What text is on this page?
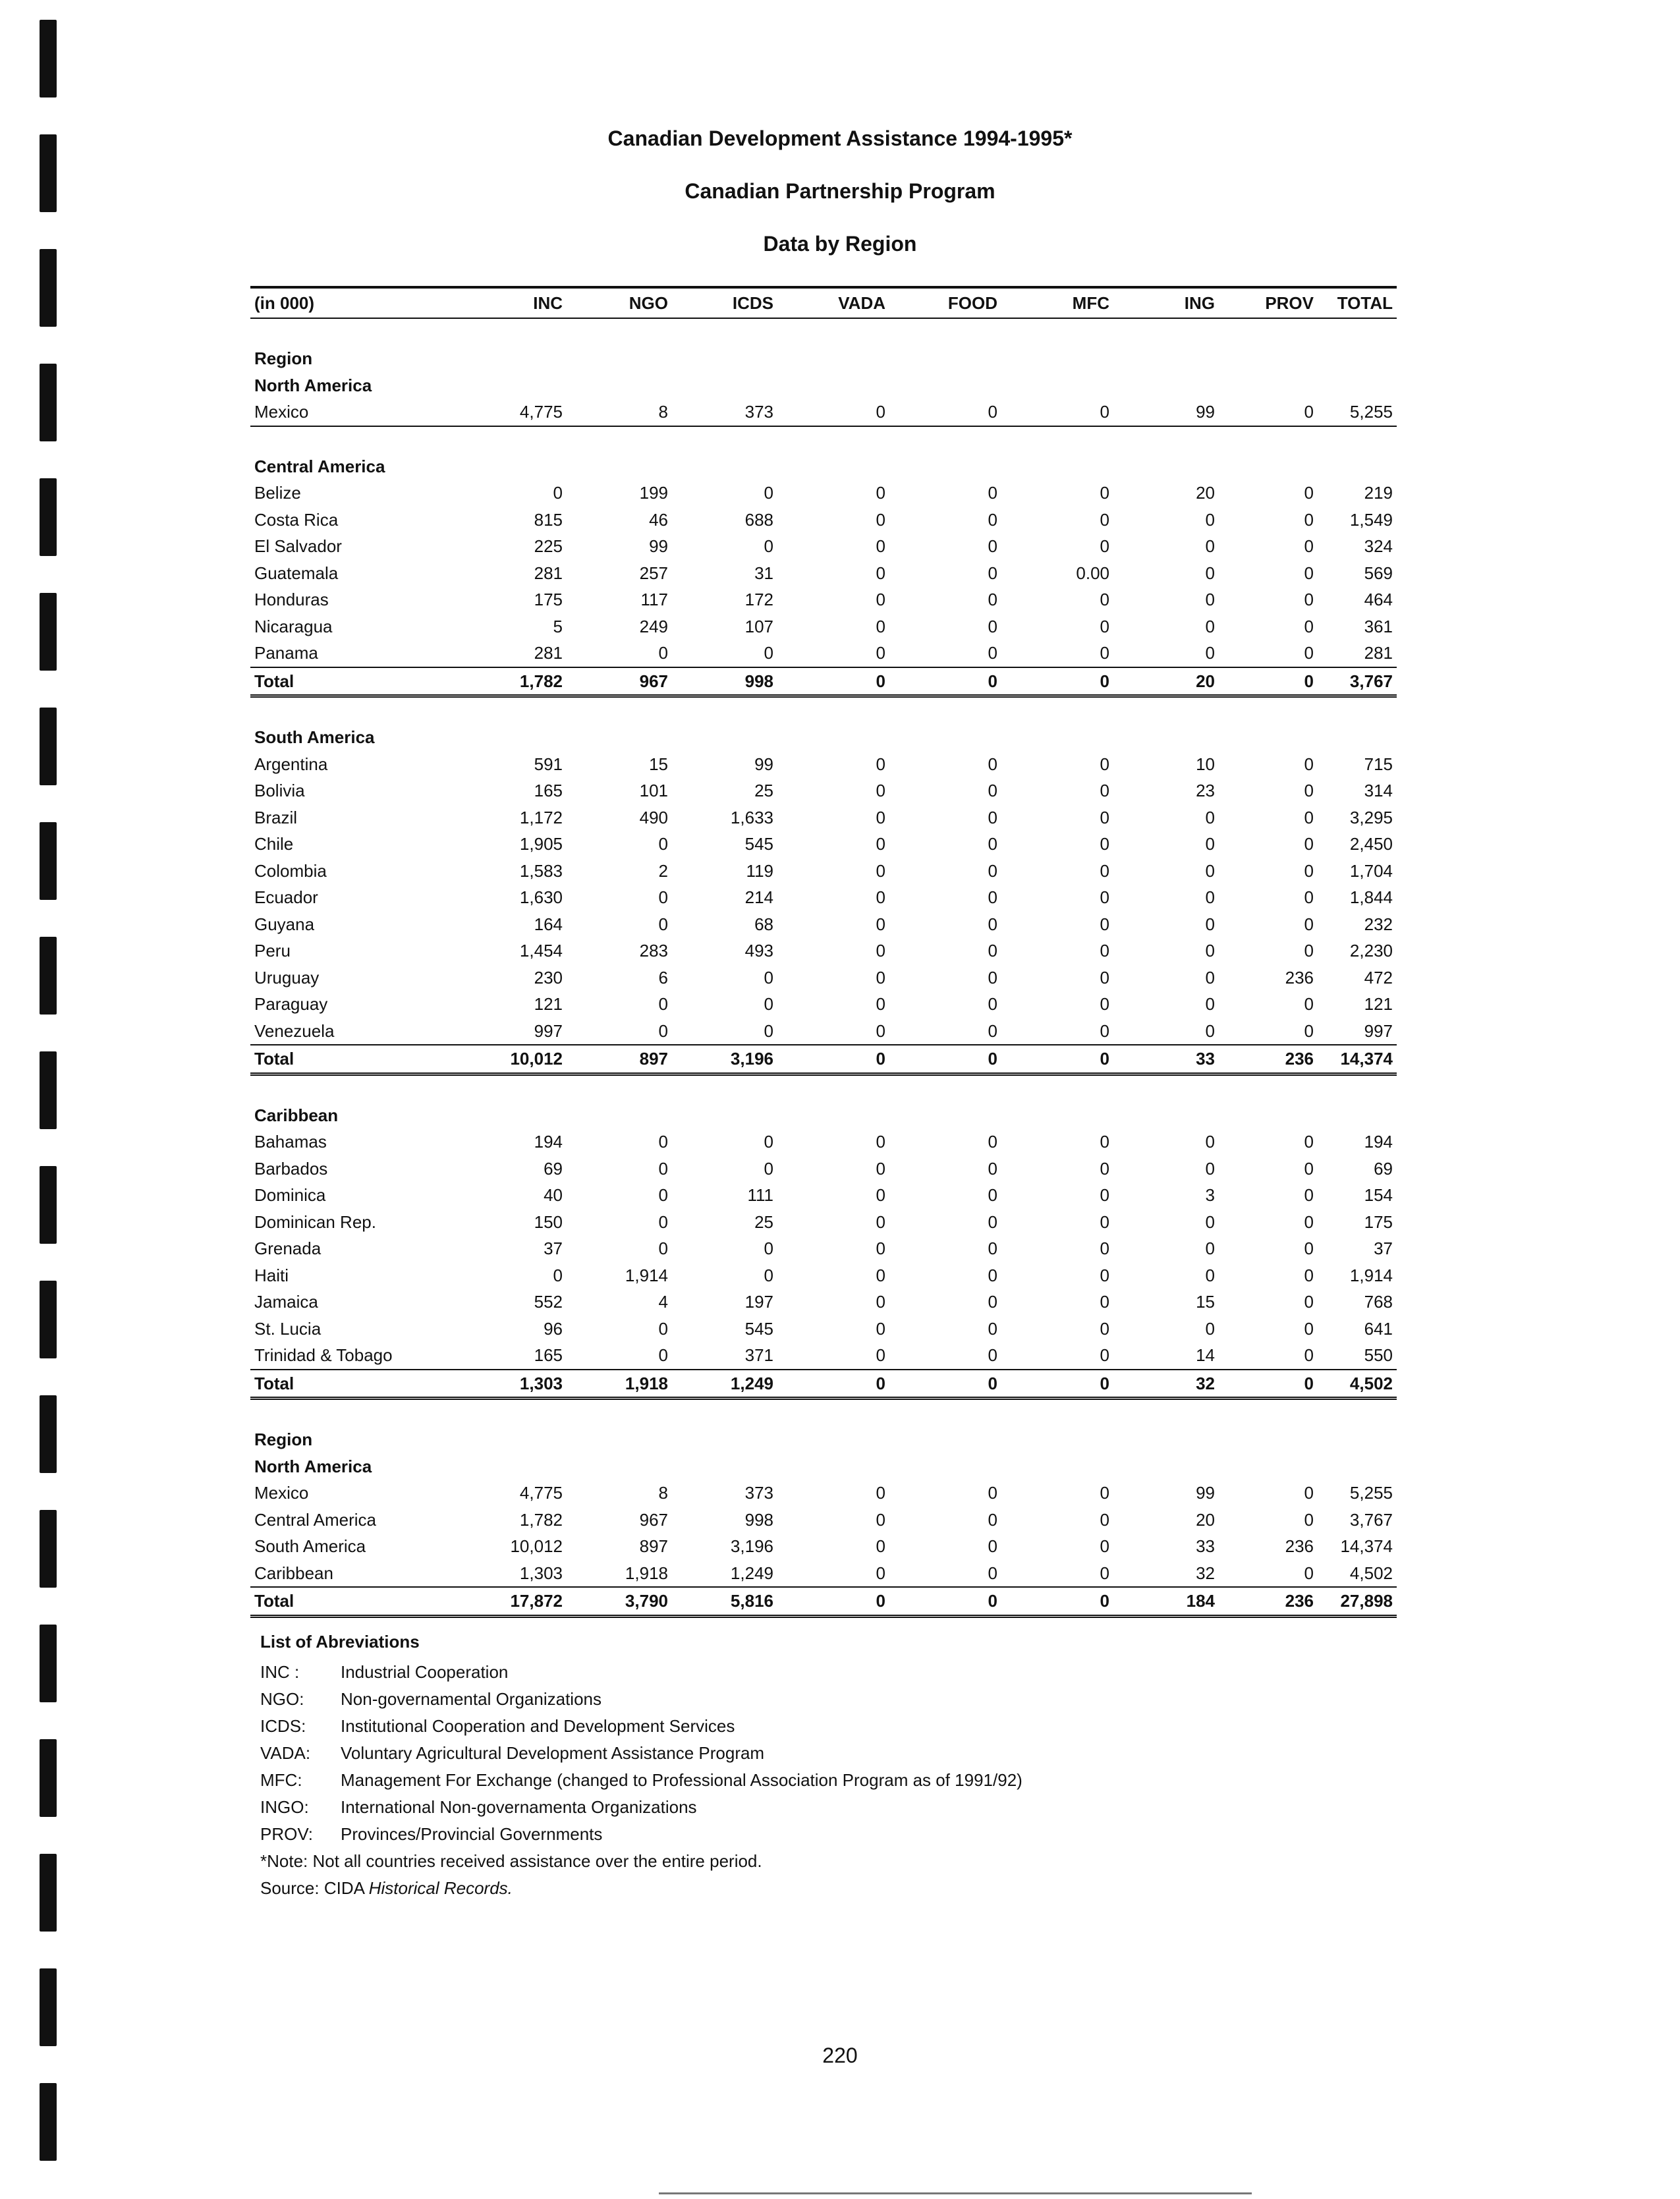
Canadian Development Assistance 1994-1995*
Canadian Partnership Program
Data by Region
(in 000)	INC	NGO	ICDS	VADA	FOOD	MFC	ING	PROV	TOTAL

Region									
North America									
Mexico	4,775	8	373	0	0	0	99	0	5,255

Central America									
Belize	0	199	0	0	0	0	20	0	219
Costa Rica	815	46	688	0	0	0	0	0	1,549
El Salvador	225	99	0	0	0	0	0	0	324
Guatemala	281	257	31	0	0	0.00	0	0	569
Honduras	175	117	172	0	0	0	0	0	464
Nicaragua	5	249	107	0	0	0	0	0	361
Panama	281	0	0	0	0	0	0	0	281
Total	1,782	967	998	0	0	0	20	0	3,767

South America									
Argentina	591	15	99	0	0	0	10	0	715
Bolivia	165	101	25	0	0	0	23	0	314
Brazil	1,172	490	1,633	0	0	0	0	0	3,295
Chile	1,905	0	545	0	0	0	0	0	2,450
Colombia	1,583	2	119	0	0	0	0	0	1,704
Ecuador	1,630	0	214	0	0	0	0	0	1,844
Guyana	164	0	68	0	0	0	0	0	232
Peru	1,454	283	493	0	0	0	0	0	2,230
Uruguay	230	6	0	0	0	0	0	236	472
Paraguay	121	0	0	0	0	0	0	0	121
Venezuela	997	0	0	0	0	0	0	0	997
Total	10,012	897	3,196	0	0	0	33	236	14,374

Caribbean									
Bahamas	194	0	0	0	0	0	0	0	194
Barbados	69	0	0	0	0	0	0	0	69
Dominica	40	0	111	0	0	0	3	0	154
Dominican Rep.	150	0	25	0	0	0	0	0	175
Grenada	37	0	0	0	0	0	0	0	37
Haiti	0	1,914	0	0	0	0	0	0	1,914
Jamaica	552	4	197	0	0	0	15	0	768
St. Lucia	96	0	545	0	0	0	0	0	641
Trinidad & Tobago	165	0	371	0	0	0	14	0	550
Total	1,303	1,918	1,249	0	0	0	32	0	4,502

Region									
North America									
Mexico	4,775	8	373	0	0	0	99	0	5,255
Central America	1,782	967	998	0	0	0	20	0	3,767
South America	10,012	897	3,196	0	0	0	33	236	14,374
Caribbean	1,303	1,918	1,249	0	0	0	32	0	4,502
Total	17,872	3,790	5,816	0	0	0	184	236	27,898
List of Abreviations
INC : Industrial Cooperation
NGO: Non-governamental Organizations
ICDS: Institutional Cooperation and Development Services
VADA: Voluntary Agricultural Development Assistance Program
MFC: Management For Exchange (changed to Professional Association Program as of 1991/92)
INGO: International Non-governamenta Organizations
PROV: Provinces/Provincial Governments
*Note: Not all countries received assistance over the entire period.
Source: CIDA Historical Records.
220
